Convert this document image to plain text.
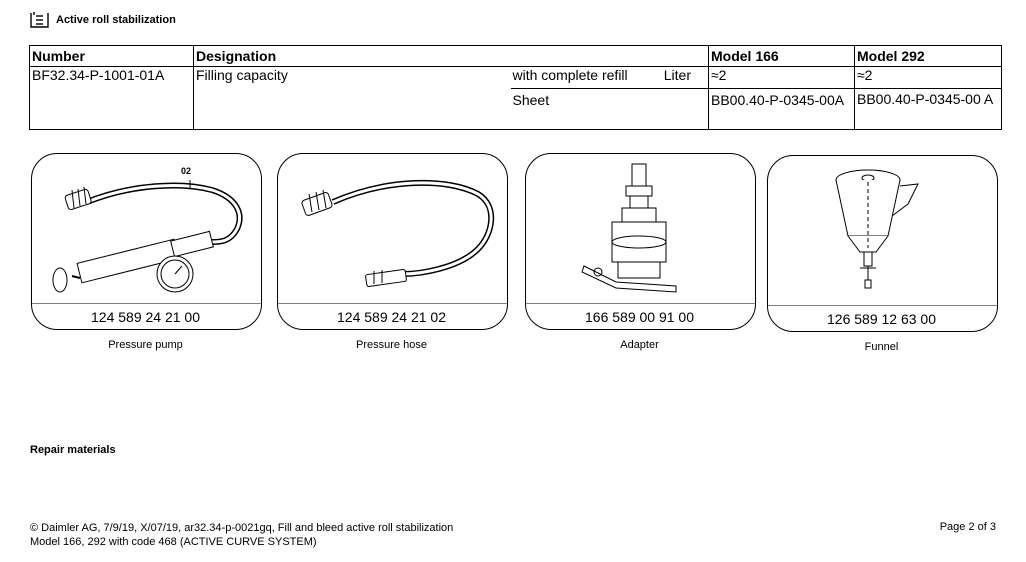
Active roll stabilization
Number	Designation		Model 166	Model 292
BF32.34-P-1001-01A	Filling capacity	with complete refill Liter	≈2	≈2
		Sheet	BB00.40-P-0345-00A	BB00.40-P-0345-00 A
02
124 589 24 21 00
Pressure pump
124 589 24 21 02
Pressure hose
166 589 00 91 00
Adapter
126 589 12 63 00
Funnel
Repair materials
© Daimler AG, 7/9/19, X/07/19, ar32.34-p-0021gq, Fill and bleed active roll stabilization
Model 166, 292 with code 468 (ACTIVE CURVE SYSTEM)
Page 2 of 3
